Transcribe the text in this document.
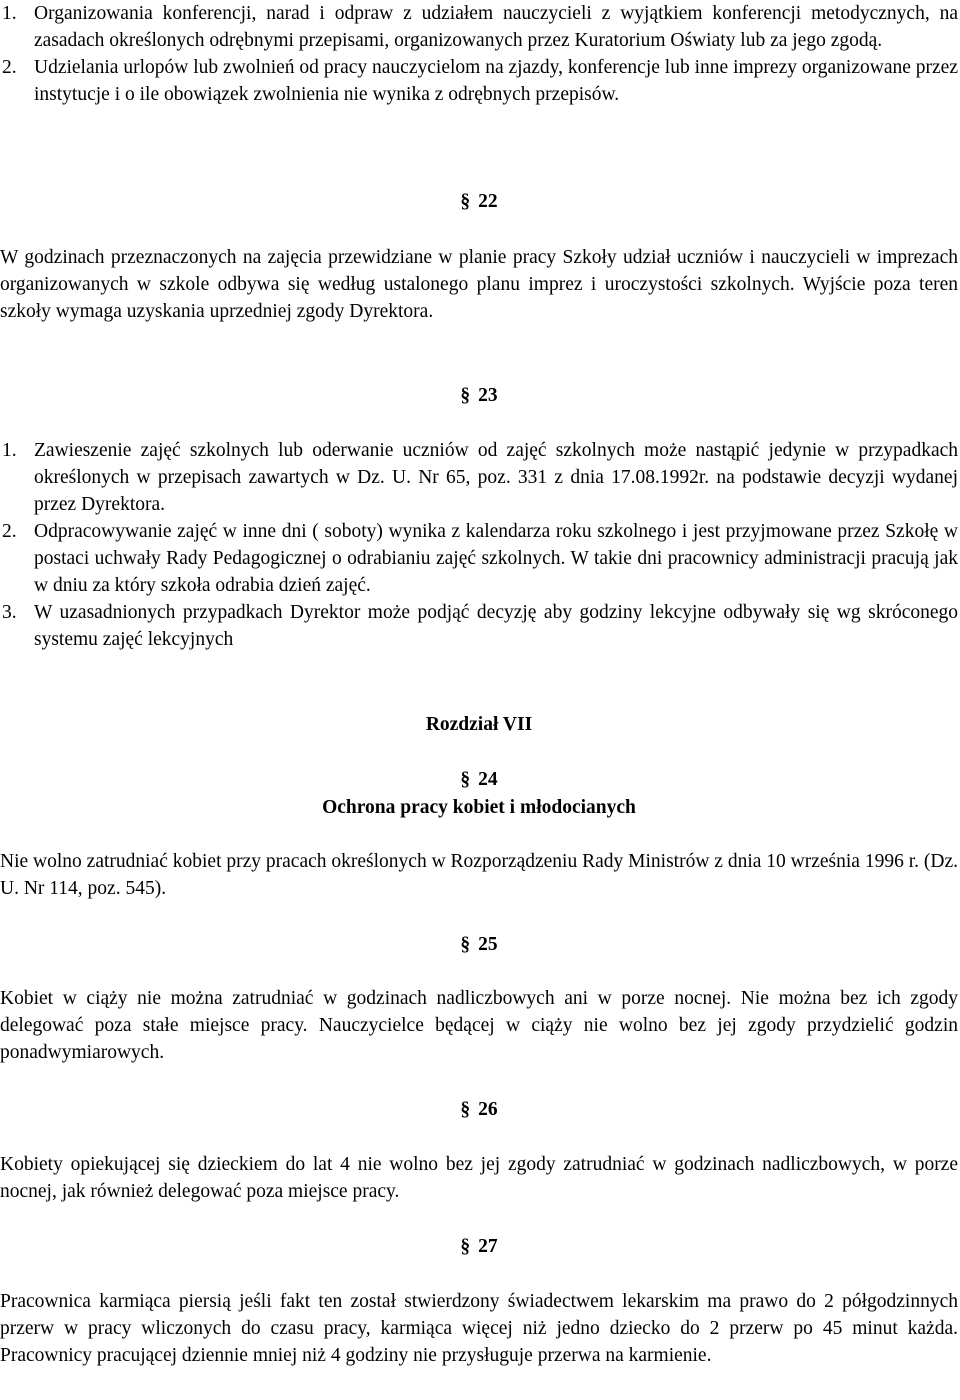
1. Organizowania konferencji, narad i odpraw z udziałem nauczycieli z wyjątkiem konferencji metodycznych, na zasadach określonych odrębnymi przepisami, organizowanych przez Kuratorium Oświaty lub za jego zgodą.
2. Udzielania urlopów lub zwolnień od pracy nauczycielom na zjazdy, konferencje lub inne imprezy organizowane przez instytucje i o ile obowiązek zwolnienia nie wynika z odrębnych przepisów.
§ 22
W godzinach przeznaczonych na zajęcia przewidziane w planie pracy Szkoły udział uczniów i nauczycieli w imprezach organizowanych w szkole odbywa się według ustalonego planu imprez i uroczystości szkolnych. Wyjście poza teren szkoły wymaga uzyskania uprzedniej zgody Dyrektora.
§ 23
1. Zawieszenie zajęć szkolnych lub oderwanie uczniów od zajęć szkolnych może nastąpić jedynie w przypadkach określonych w przepisach zawartych w Dz. U. Nr 65, poz. 331 z dnia 17.08.1992r. na podstawie decyzji wydanej przez Dyrektora.
2. Odpracowywanie zajęć w inne dni ( soboty) wynika z kalendarza roku szkolnego i jest przyjmowane przez Szkołę w postaci uchwały Rady Pedagogicznej o odrabianiu zajęć szkolnych. W takie dni pracownicy administracji pracują jak w dniu za który szkoła odrabia dzień zajęć.
3. W uzasadnionych przypadkach Dyrektor może podjąć decyzję aby godziny lekcyjne odbywały się wg skróconego systemu zajęć lekcyjnych
Rozdział VII
§ 24
Ochrona pracy kobiet i młodocianych
Nie wolno zatrudniać kobiet przy pracach określonych w Rozporządzeniu Rady Ministrów z dnia 10 września 1996 r. (Dz. U. Nr 114, poz. 545).
§ 25
Kobiet w ciąży nie można zatrudniać w godzinach nadliczbowych ani w porze nocnej. Nie można bez ich zgody delegować poza stałe miejsce pracy. Nauczycielce będącej w ciąży nie wolno bez jej zgody przydzielić godzin ponadwymiarowych.
§ 26
Kobiety opiekującej się dzieckiem do lat 4 nie wolno bez jej zgody zatrudniać w godzinach nadliczbowych, w porze nocnej, jak również delegować poza miejsce pracy.
§ 27
Pracownica karmiąca piersią jeśli fakt ten został stwierdzony świadectwem lekarskim ma prawo do 2 półgodzinnych przerw w pracy wliczonych do czasu pracy, karmiąca więcej niż jedno dziecko do 2 przerw po 45 minut każda. Pracownicy pracującej dziennie mniej niż 4 godziny nie przysługuje przerwa na karmienie.
